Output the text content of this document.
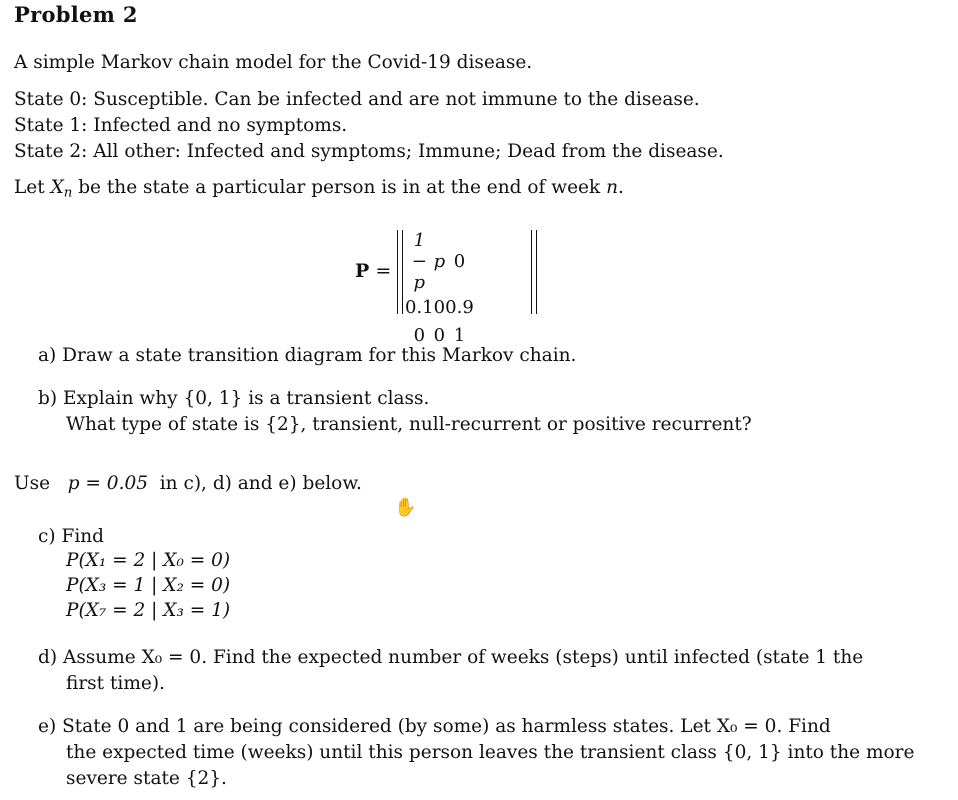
Problem 2
A simple Markov chain model for the Covid-19 disease.
State 0: Susceptible. Can be infected and are not immune to the disease.
State 1: Infected and no symptoms.
State 2: All other: Infected and symptoms; Immune; Dead from the disease.
Let $X_n$ be the state a particular person is in at the end of week n.
P =
1 − p	p	0
0.1	0	0.9
0	0	1
a) Draw a state transition diagram for this Markov chain.
b) Explain why {0, 1} is a transient class.
What type of state is {2}, transient, null-recurrent or positive recurrent?
Use p = 0.05 in c), d) and e) below.
✋
c) Find
P(X₁ = 2 | X₀ = 0)
P(X₃ = 1 | X₂ = 0)
P(X₇ = 2 | X₃ = 1)
d) Assume X₀ = 0. Find the expected number of weeks (steps) until infected (state 1 the
first time).
e) State 0 and 1 are being considered (by some) as harmless states. Let X₀ = 0. Find
the expected time (weeks) until this person leaves the transient class {0, 1} into the more
severe state {2}.
